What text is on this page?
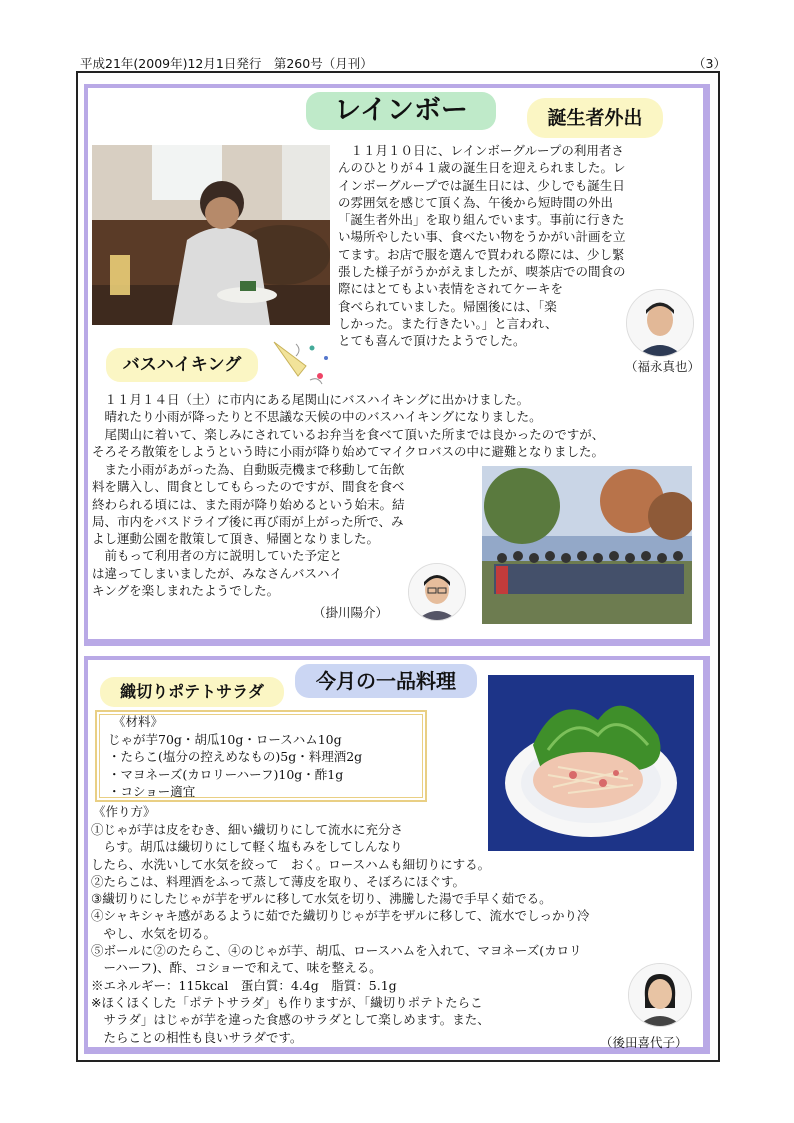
平成21年(2009年)12月1日発行　第260号（月刊）	（3）
レインボー	誕生者外出
　１１月１０日に、レインボーグループの利用者さ
んのひとりが４１歳の誕生日を迎えられました。レ
インボーグループでは誕生日には、少しでも誕生日
の雰囲気を感じて頂く為、午後から短時間の外出
「誕生者外出」を取り組んでいます。事前に行きた
い場所やしたい事、食べたい物をうかがい計画を立
てます。お店で服を選んで買われる際には、少し緊
張した様子がうかがえましたが、喫茶店での間食の
際にはとてもよい表情をされてケーキを
食べられていました。帰園後には、「楽
しかった。また行きたい。」と言われ、
とても喜んで頂けたようでした。
（福永真也）
バスハイキング
　１１月１４日（土）に市内にある尾関山にバスハイキングに出かけました。
　晴れたり小雨が降ったりと不思議な天候の中のバスハイキングになりました。
　尾関山に着いて、楽しみにされているお弁当を食べて頂いた所までは良かったのですが、
そろそろ散策をしようという時に小雨が降り始めてマイクロバスの中に避難となりました。
　また小雨があがった為、自動販売機まで移動して缶飲
料を購入し、間食としてもらったのですが、間食を食べ
終わられる頃には、また雨が降り始めるという始末。結
局、市内をバスドライブ後に再び雨が上がった所で、み
よし運動公園を散策して頂き、帰園となりました。
　前もって利用者の方に説明していた予定と
は違ってしまいましたが、みなさんバスハイ
キングを楽しまれたようでした。
（掛川陽介）
今月の一品料理
織切りポテトサラダ
《材料》
じゃが芋70g・胡瓜10g・ロースハム10g
・たらこ(塩分の控えめなもの)5g・料理酒2g
・マヨネーズ(カロリーハーフ)10g・酢1g
・コショー適宜
《作り方》
①じゃが芋は皮をむき、細い繊切りにして流水に充分さ
　らす。胡瓜は繊切りにして軽く塩もみをしてしんなり
したら、水洗いして水気を絞って　おく。ロースハムも細切りにする。
②たらこは、料理酒をふって蒸して薄皮を取り、そぼろにほぐす。
③繊切りにしたじゃが芋をザルに移して水気を切り、沸騰した湯で手早く茹でる。
④シャキシャキ感があるように茹でた繊切りじゃが芋をザルに移して、流水でしっかり冷
　やし、水気を切る。
⑤ボールに②のたらこ、④のじゃが芋、胡瓜、ロースハムを入れて、マヨネーズ(カロリ
　ーハーフ)、酢、コショーで和えて、味を整える。
※エネルギー：115kcal　蛋白質：4.4g　脂質：5.1g
※ほくほくした「ポテトサラダ」も作りますが、「繊切りポテトたらこ
　サラダ」はじゃが芋を違った食感のサラダとして楽しめます。また、
　たらことの相性も良いサラダです。	（後田喜代子）
